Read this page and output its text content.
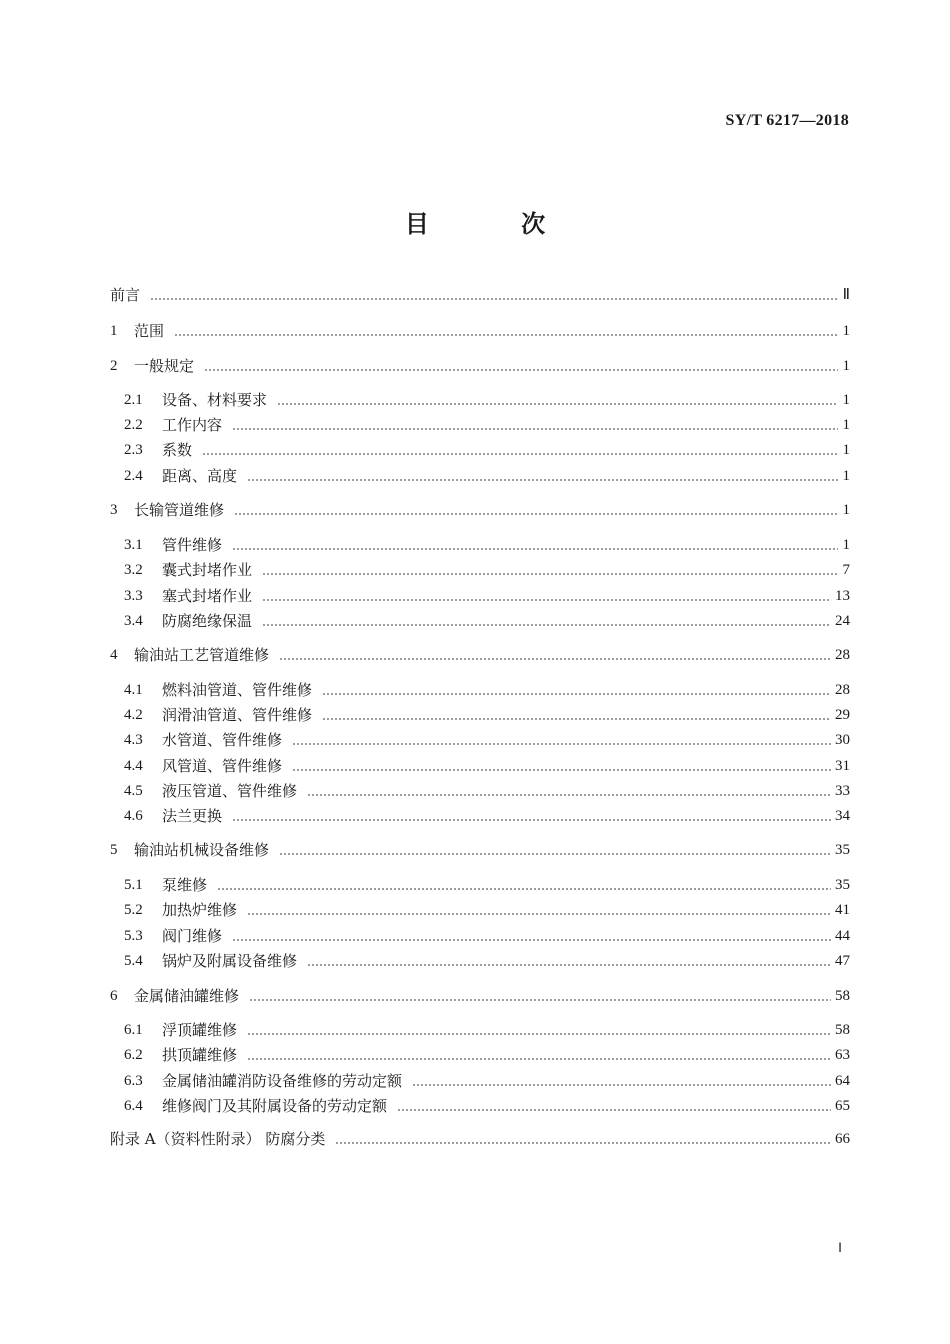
SY/T 6217—2018
目 次
前言	Ⅱ
1	范围	1
2	一般规定	1
2.1	设备、材料要求	1
2.2	工作内容	1
2.3	系数	1
2.4	距离、高度	1
3	长输管道维修	1
3.1	管件维修	1
3.2	囊式封堵作业	7
3.3	塞式封堵作业	13
3.4	防腐绝缘保温	24
4	输油站工艺管道维修	28
4.1	燃料油管道、管件维修	28
4.2	润滑油管道、管件维修	29
4.3	水管道、管件维修	30
4.4	风管道、管件维修	31
4.5	液压管道、管件维修	33
4.6	法兰更换	34
5	输油站机械设备维修	35
5.1	泵维修	35
5.2	加热炉维修	41
5.3	阀门维修	44
5.4	锅炉及附属设备维修	47
6	金属储油罐维修	58
6.1	浮顶罐维修	58
6.2	拱顶罐维修	63
6.3	金属储油罐消防设备维修的劳动定额	64
6.4	维修阀门及其附属设备的劳动定额	65
附录 A（资料性附录） 防腐分类	66
Ⅰ
